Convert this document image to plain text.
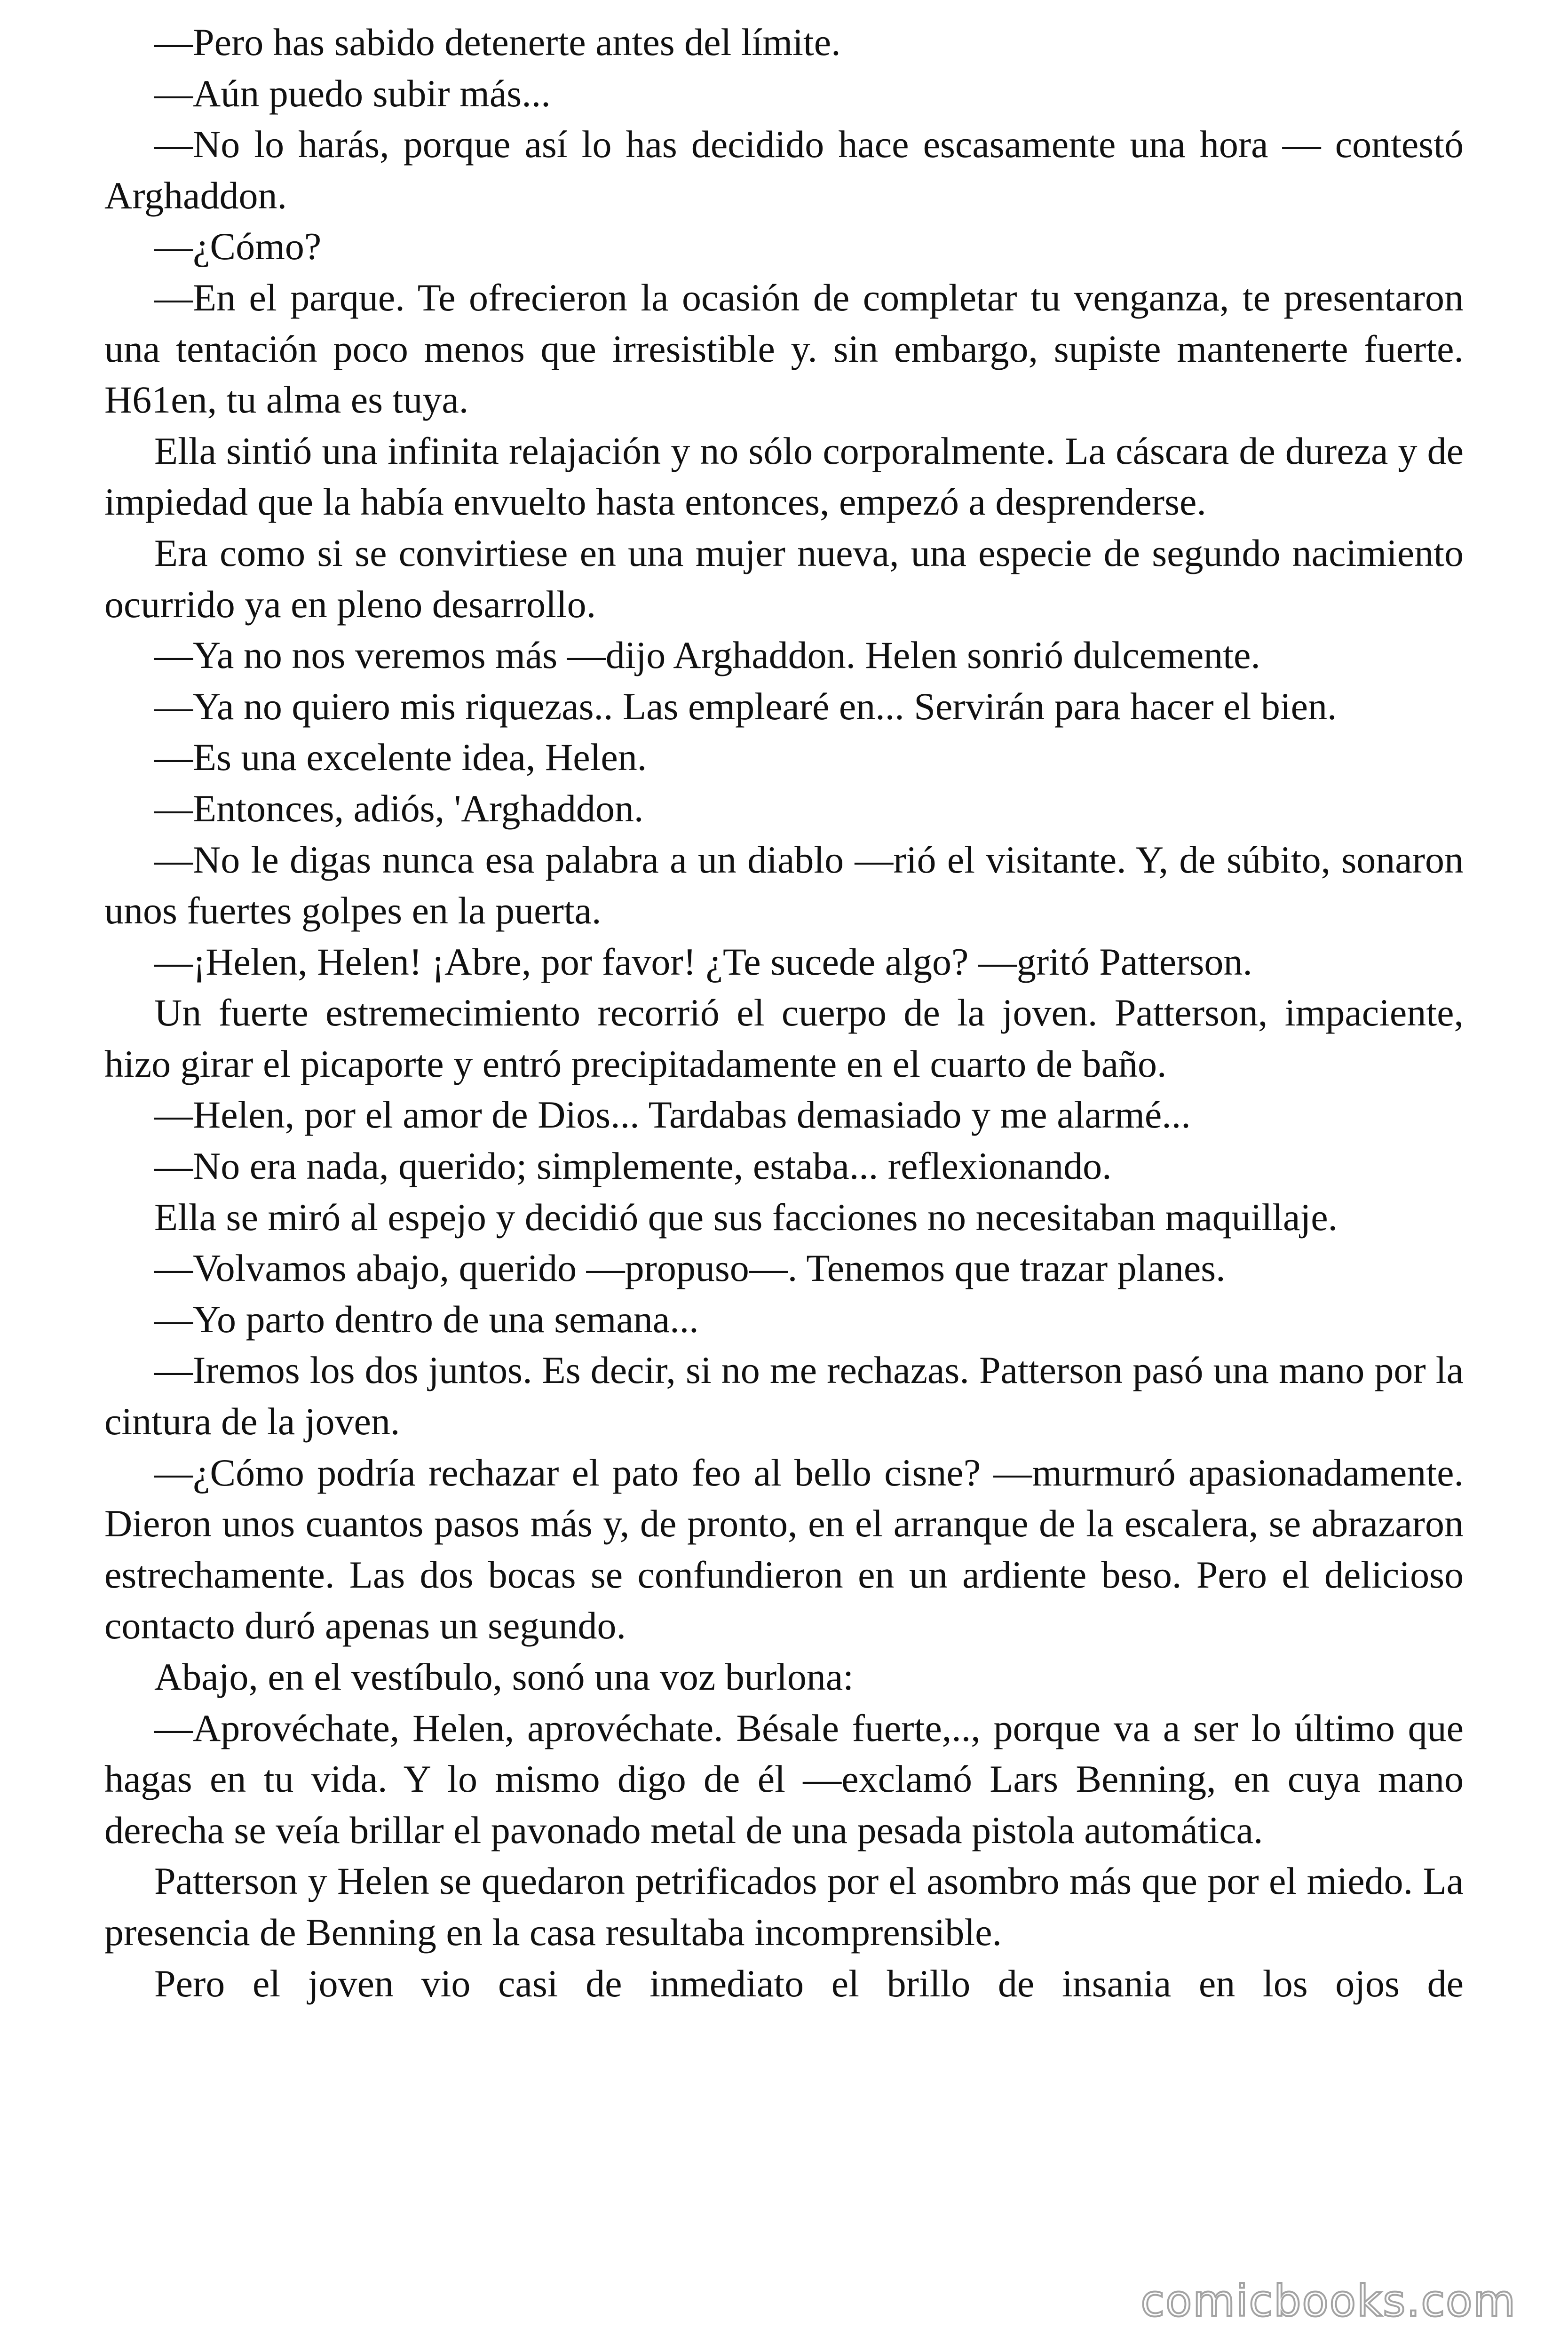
—Pero has sabido detenerte antes del límite.

—Aún puedo subir más...

—No lo harás, porque así lo has decidido hace escasamente una hora — contestó Arghaddon.

—¿Cómo?

—En el parque. Te ofrecieron la ocasión de completar tu venganza, te presentaron una tentación poco menos que irresistible y. sin embargo, supiste mantenerte fuerte. H61en, tu alma es tuya.

Ella sintió una infinita relajación y no sólo corporalmente. La cáscara de dureza y de impiedad que la había envuelto hasta entonces, empezó a desprenderse.

Era como si se convirtiese en una mujer nueva, una especie de segundo nacimiento ocurrido ya en pleno desarrollo.

—Ya no nos veremos más —dijo Arghaddon. Helen sonrió dulcemente.

—Ya no quiero mis riquezas.. Las emplearé en... Servirán para hacer el bien.

—Es una excelente idea, Helen.

—Entonces, adiós, 'Arghaddon.

—No le digas nunca esa palabra a un diablo —rió el visitante. Y, de súbito, sonaron unos fuertes golpes en la puerta.

—¡Helen, Helen! ¡Abre, por favor! ¿Te sucede algo? —gritó Patterson.

Un fuerte estremecimiento recorrió el cuerpo de la joven. Patterson, impaciente, hizo girar el picaporte y entró precipitadamente en el cuarto de baño.

—Helen, por el amor de Dios... Tardabas demasiado y me alarmé...

—No era nada, querido; simplemente, estaba... reflexionando.

Ella se miró al espejo y decidió que sus facciones no necesitaban maquillaje.

—Volvamos abajo, querido —propuso—. Tenemos que trazar planes.

—Yo parto dentro de una semana...

—Iremos los dos juntos. Es decir, si no me rechazas. Patterson pasó una mano por la cintura de la joven.

—¿Cómo podría rechazar el pato feo al bello cisne? —murmuró apasionadamente. Dieron unos cuantos pasos más y, de pronto, en el arranque de la escalera, se abrazaron estrechamente. Las dos bocas se confundieron en un ardiente beso. Pero el delicioso contacto duró apenas un segundo.

Abajo, en el vestíbulo, sonó una voz burlona:

—Aprovéchate, Helen, aprovéchate. Bésale fuerte,.., porque va a ser lo último que hagas en tu vida. Y lo mismo digo de él —exclamó Lars Benning, en cuya mano derecha se veía brillar el pavonado metal de una pesada pistola automática.

Patterson y Helen se quedaron petrificados por el asombro más que por el miedo. La presencia de Benning en la casa resultaba incomprensible.

Pero el joven vio casi de inmediato el brillo de insania en los ojos de

comicbooks.com
